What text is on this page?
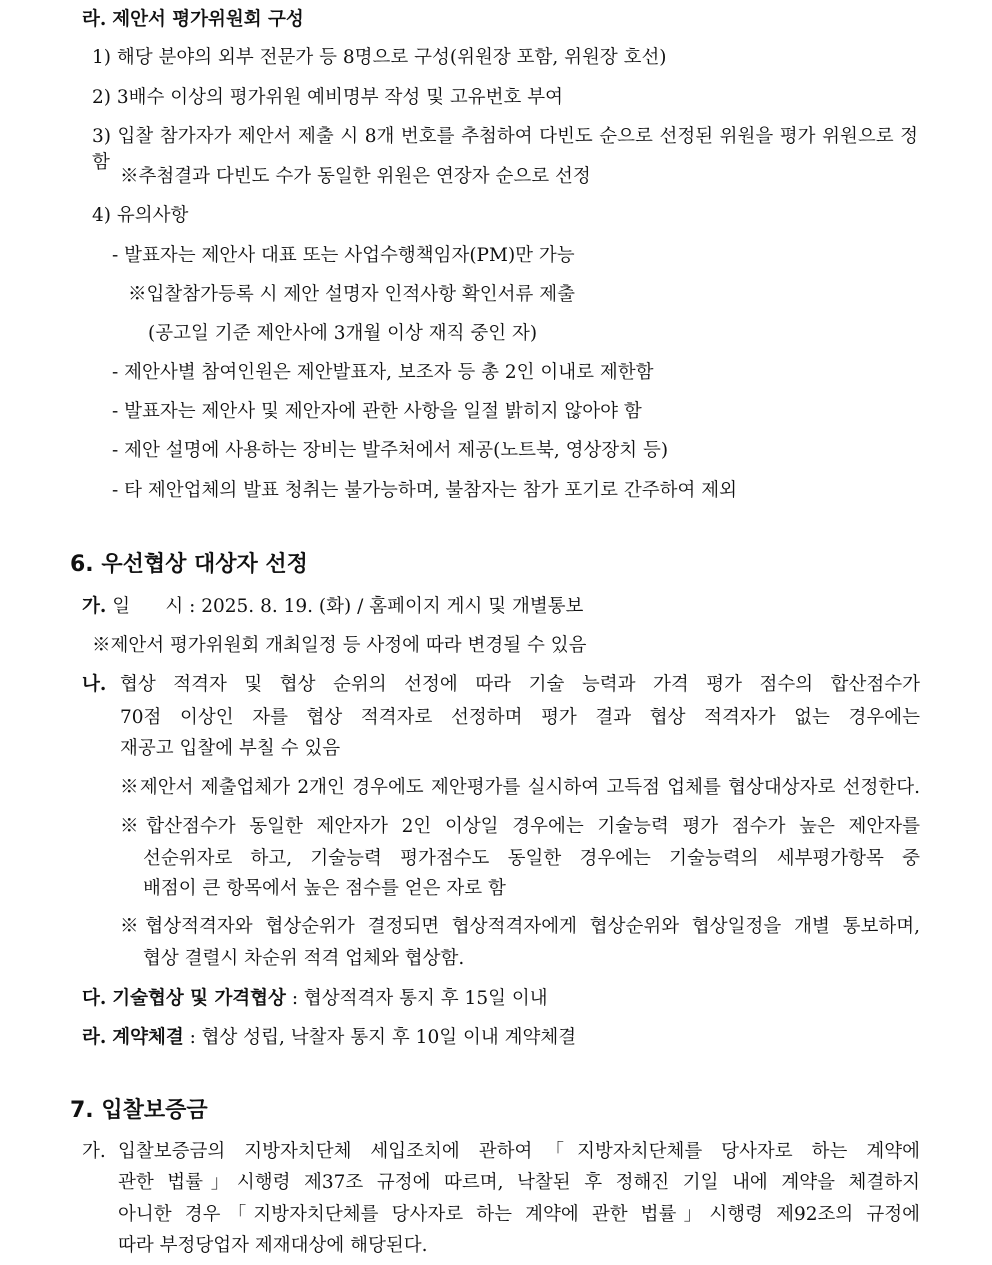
라. 제안서 평가위원회 구성
1) 해당 분야의 외부 전문가 등 8명으로 구성(위원장 포함, 위원장 호선)
2) 3배수 이상의 평가위원 예비명부 작성 및 고유번호 부여
3) 입찰 참가자가 제안서 제출 시 8개 번호를 추첨하여 다빈도 순으로 선정된 위원을 평가 위원으로 정함
※추첨결과 다빈도 수가 동일한 위원은 연장자 순으로 선정
4) 유의사항
- 발표자는 제안사 대표 또는 사업수행책임자(PM)만 가능
※입찰참가등록 시 제안 설명자 인적사항 확인서류 제출
(공고일 기준 제안사에 3개월 이상 재직 중인 자)
- 제안사별 참여인원은 제안발표자, 보조자 등 총 2인 이내로 제한함
- 발표자는 제안사 및 제안자에 관한 사항을 일절 밝히지 않아야 함
- 제안 설명에 사용하는 장비는 발주처에서 제공(노트북, 영상장치 등)
- 타 제안업체의 발표 청취는 불가능하며, 불참자는 참가 포기로 간주하여 제외
6. 우선협상 대상자 선정
가. 일      시 : 2025. 8. 19. (화) / 홈페이지 게시 및 개별통보
※제안서 평가위원회 개최일정 등 사정에 따라 변경될 수 있음
나. 협상 적격자 및 협상 순위의 선정에 따라 기술 능력과 가격 평가 점수의 합산점수가
70점 이상인 자를 협상 적격자로 선정하며 평가 결과 협상 적격자가 없는 경우에는
재공고 입찰에 부칠 수 있음
※제안서 제출업체가 2개인 경우에도 제안평가를 실시하여 고득점 업체를 협상대상자로 선정한다.
※합산점수가 동일한 제안자가 2인 이상일 경우에는 기술능력 평가 점수가 높은 제안자를
선순위자로 하고, 기술능력 평가점수도 동일한 경우에는 기술능력의 세부평가항목 중
배점이 큰 항목에서 높은 점수를 얻은 자로 함
※협상적격자와 협상순위가 결정되면 협상적격자에게 협상순위와 협상일정을 개별 통보하며,
협상 결렬시 차순위 적격 업체와 협상함.
다. 기술협상 및 가격협상 : 협상적격자 통지 후 15일 이내
라. 계약체결 : 협상 성립, 낙찰자 통지 후 10일 이내 계약체결
7. 입찰보증금
가. 입찰보증금의 지방자치단체 세입조치에 관하여「지방자치단체를 당사자로 하는 계약에
관한 법률」시행령 제37조 규정에 따르며, 낙찰된 후 정해진 기일 내에 계약을 체결하지
아니한 경우「지방자치단체를 당사자로 하는 계약에 관한 법률」시행령 제92조의 규정에
따라 부정당업자 제재대상에 해당된다.
